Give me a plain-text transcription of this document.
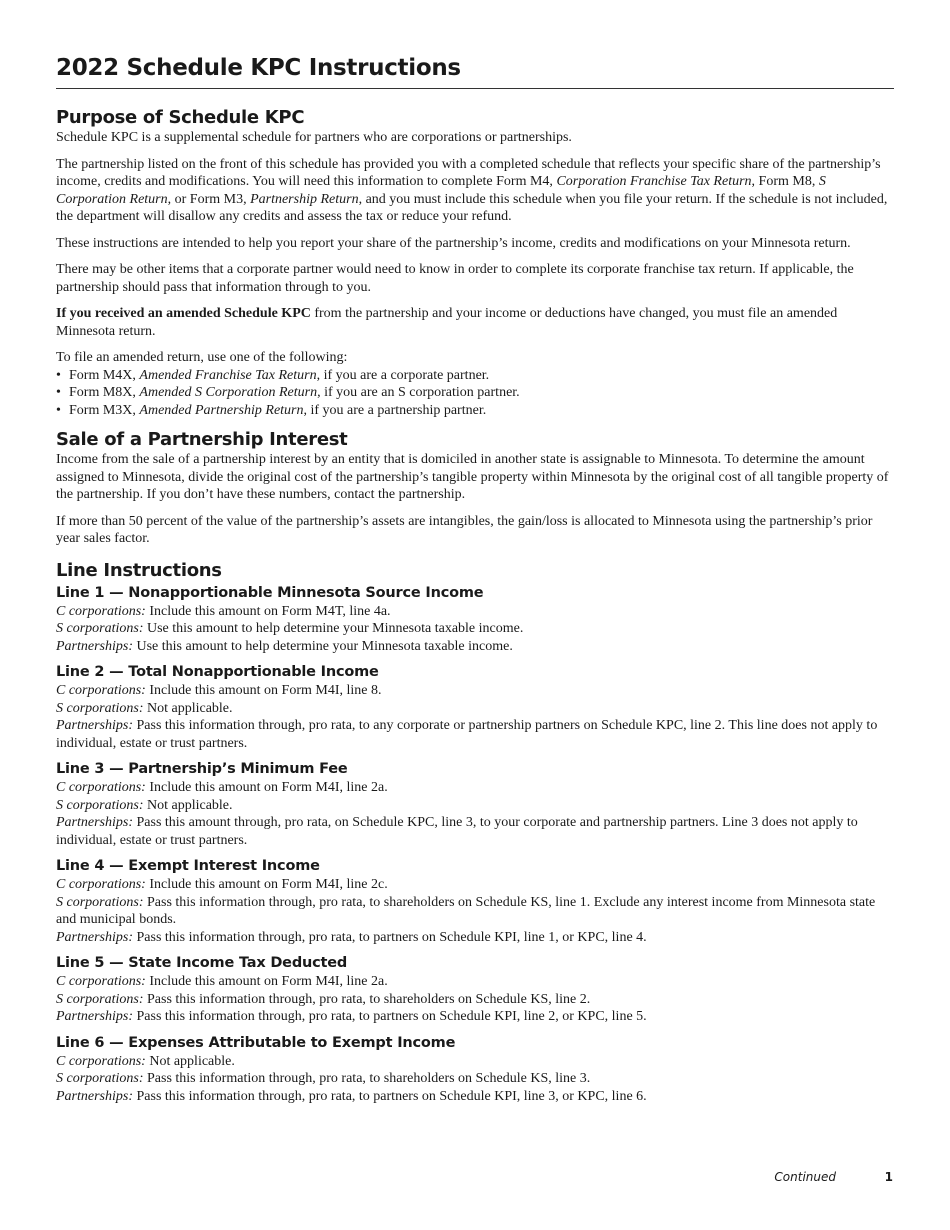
2022 Schedule KPC Instructions
Purpose of Schedule KPC

Schedule KPC is a supplemental schedule for partners who are corporations or partnerships.

The partnership listed on the front of this schedule has provided you with a completed schedule that reflects your specific share of the partnership’s income, credits and modifications. You will need this information to complete Form M4, Corporation Franchise Tax Return, Form M8, S Corporation Return, or Form M3, Partnership Return, and you must include this schedule when you file your return. If the schedule is not included, the department will disallow any credits and assess the tax or reduce your refund.

These instructions are intended to help you report your share of the partnership’s income, credits and modifications on your Minnesota return.

There may be other items that a corporate partner would need to know in order to complete its corporate franchise tax return. If applicable, the partnership should pass that information through to you.

If you received an amended Schedule KPC from the partnership and your income or deductions have changed, you must file an amended Minnesota return.

To file an amended return, use one of the following:

• Form M4X, Amended Franchise Tax Return, if you are a corporate partner.
• Form M8X, Amended S Corporation Return, if you are an S corporation partner.
• Form M3X, Amended Partnership Return, if you are a partnership partner.
Sale of a Partnership Interest

Income from the sale of a partnership interest by an entity that is domiciled in another state is assignable to Minnesota. To determine the amount assigned to Minnesota, divide the original cost of the partnership’s tangible property within Minnesota by the original cost of all tangible property of the partnership. If you don’t have these numbers, contact the partnership.

If more than 50 percent of the value of the partnership’s assets are intangibles, the gain/loss is allocated to Minnesota using the partnership’s prior year sales factor.

Line Instructions
Line 1 — Nonapportionable Minnesota Source Income
C corporations: Include this amount on Form M4T, line 4a.
S corporations: Use this amount to help determine your Minnesota taxable income.
Partnerships: Use this amount to help determine your Minnesota taxable income.
Line 2 — Total Nonapportionable Income
C corporations: Include this amount on Form M4I, line 8.
S corporations: Not applicable.
Partnerships: Pass this information through, pro rata, to any corporate or partnership partners on Schedule KPC, line 2. This line does not apply to individual, estate or trust partners.
Line 3 — Partnership’s Minimum Fee
C corporations: Include this amount on Form M4I, line 2a.
S corporations: Not applicable.
Partnerships: Pass this amount through, pro rata, on Schedule KPC, line 3, to your corporate and partnership partners. Line 3 does not apply to individual, estate or trust partners.
Line 4 — Exempt Interest Income
C corporations: Include this amount on Form M4I, line 2c.
S corporations: Pass this information through, pro rata, to shareholders on Schedule KS, line 1. Exclude any interest income from Minnesota state and municipal bonds.
Partnerships: Pass this information through, pro rata, to partners on Schedule KPI, line 1, or KPC, line 4.
Line 5 — State Income Tax Deducted
C corporations: Include this amount on Form M4I, line 2a.
S corporations: Pass this information through, pro rata, to shareholders on Schedule KS, line 2.
Partnerships: Pass this information through, pro rata, to partners on Schedule KPI, line 2, or KPC, line 5.
Line 6 — Expenses Attributable to Exempt Income
C corporations: Not applicable.
S corporations: Pass this information through, pro rata, to shareholders on Schedule KS, line 3.
Partnerships: Pass this information through, pro rata, to partners on Schedule KPI, line 3, or KPC, line 6.
Continued	1
